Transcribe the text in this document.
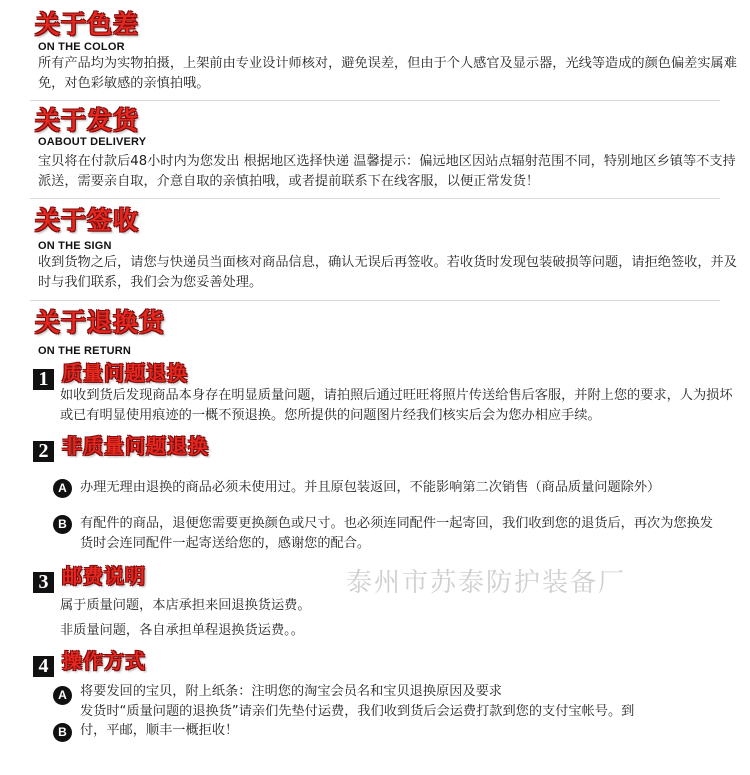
关于色差
ON THE COLOR
所有产品均为实物拍摄，上架前由专业设计师核对，避免误差，但由于个人感官及显示器，光线等造成的颜色偏差实属难免，对色彩敏感的亲慎拍哦。
关于发货
OABOUT DELIVERY
宝贝将在付款后48小时内为您发出 根据地区选择快递 温馨提示：偏远地区因站点辐射范围不同，特别地区乡镇等不支持派送，需要亲自取，介意自取的亲慎拍哦，或者提前联系下在线客服，以便正常发货！
关于签收
ON THE SIGN
收到货物之后，请您与快递员当面核对商品信息，确认无误后再签收。若收货时发现包装破损等问题，请拒绝签收，并及时与我们联系，我们会为您妥善处理。
关于退换货
ON THE RETURN
1 质量问题退换
如收到货后发现商品本身存在明显质量问题，请拍照后通过旺旺将照片传送给售后客服，并附上您的要求，人为损坏或已有明显使用痕迹的一概不预退换。您所提供的问题图片经我们核实后会为您办相应手续。
2 非质量问题退换
A 办理无理由退换的商品必须未使用过。并且原包装返回，不能影响第二次销售（商品质量问题除外）
B 有配件的商品，退便您需要更换颜色或尺寸。也必须连同配件一起寄回，我们收到您的退货后，再次为您换发货时会连同配件一起寄送给您的，感谢您的配合。
泰州市苏泰防护装备厂
3 邮费说明
属于质量问题，本店承担来回退换货运费。
非质量问题，各自承担单程退换货运费。。
4 操作方式
A 将要发回的宝贝，附上纸条：注明您的淘宝会员名和宝贝退换原因及要求
发货时“质量问题的退换货”请亲们先垫付运费，我们收到货后会运费打款到您的支付宝帐号。到
B 付，平邮，顺丰一概拒收！
